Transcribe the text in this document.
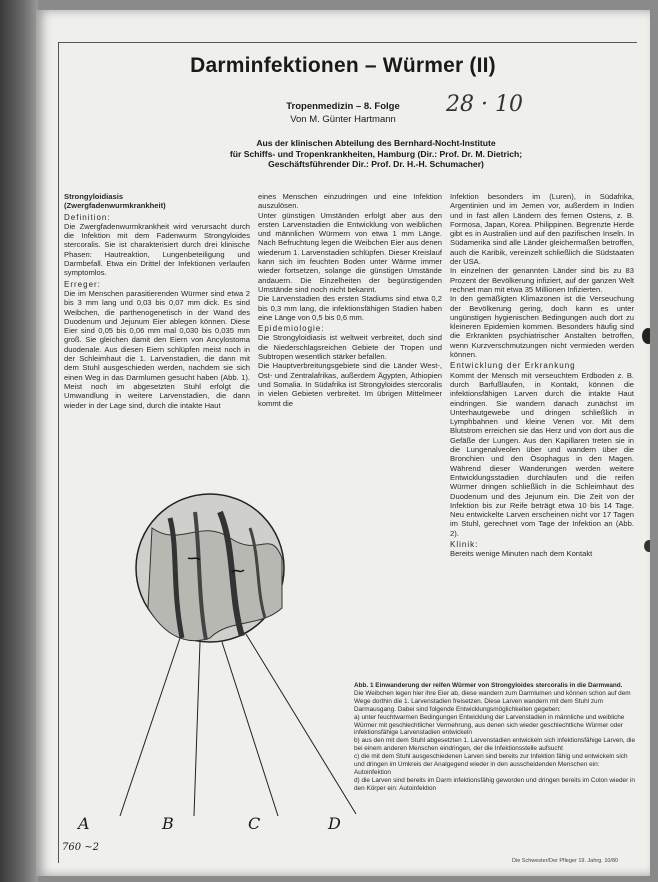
Darminfektionen – Würmer (II)
Tropenmedizin – 8. Folge
Von M. Günter Hartmann
28 · 10
Aus der klinischen Abteilung des Bernhard-Nocht-Institute
für Schiffs- und Tropenkrankheiten, Hamburg (Dir.: Prof. Dr. M. Dietrich;
Geschäftsführender Dir.: Prof. Dr. H.-H. Schumacher)

Strongyloidiasis

(Zwergfadenwurmkrankheit)

Definition:

Die Zwergfadenwurmkrankheit wird verursacht durch die Infektion mit dem Fadenwurm Strongyloides stercoralis. Sie ist charakterisiert durch drei klinische Phasen: Hautreaktion, Lungenbeteiligung und Darmbefall. Etwa ein Drittel der Infektionen verlaufen symptomlos.

Erreger:

Die im Menschen parasitierenden Würmer sind etwa 2 bis 3 mm lang und 0,03 bis 0,07 mm dick. Es sind Weibchen, die parthenogenetisch in der Wand des Duodenum und Jejunum Eier ablegen können. Diese Eier sind 0,05 bis 0,06 mm mal 0,030 bis 0,035 mm groß. Sie gleichen damit den Eiern von Ancylostoma duodenale. Aus diesen Eiern schlüpfen meist noch in der Schleimhaut die 1. Larvenstadien, die dann mit dem Stuhl ausgeschieden werden, nachdem sie sich einen Weg in das Darmlumen gesucht haben (Abb. 1). Meist noch im abgesetzten Stuhl erfolgt die Umwandlung in weitere Larvenstadien, die dann wieder in der Lage sind, durch die intakte Haut

eines Menschen einzudringen und eine Infektion auszulösen.

Unter günstigen Umständen erfolgt aber aus den ersten Larvenstadien die Entwicklung von weiblichen und männlichen Würmern von etwa 1 mm Länge. Nach Befruchtung legen die Weibchen Eier aus denen wiederum 1. Larvenstadien schlüpfen. Dieser Kreislauf kann sich im feuchten Boden unter Wärme immer wieder fortsetzen, solange die günstigen Umstände andauern. Die Einzelheiten der begünstigenden Umstände sind noch nicht bekannt.

Die Larvenstadien des ersten Stadiums sind etwa 0,2 bis 0,3 mm lang, die infektionsfähigen Stadien haben eine Länge von 0,5 bis 0,6 mm.

Epidemiologie:

Die Strongyloidiasis ist weltweit verbreitet, doch sind die Niederschlagsreichen Gebiete der Tropen und Subtropen wesentlich stärker befallen.

Die Hauptverbreitungsgebiete sind die Länder West-, Ost- und Zentralafrikas, außerdem Ägypten, Äthiopien und Somalia. In Südafrika ist Strongyloides stercoralis in vielen Gebieten verbreitet. Im übrigen Mittelmeer kommt die

Infektion besonders im (Luren), in Südafrika, Argentinien und im Jemen vor, außerdem in Indien und in fast allen Ländern des fernen Ostens, z. B. Formosa, Japan, Korea. Philippinen. Begrenzte Herde gibt es in Australien und auf den pazifischen Inseln. In Südamerika sind alle Länder gleichermaßen betroffen, auch die Karibik, vereinzelt schließlich die Südstaaten der USA.

In einzelnen der genannten Länder sind bis zu 83 Prozent der Bevölkerung infiziert, auf der ganzen Welt rechnet man mit etwa 35 Millionen Infizierten.

In den gemäßigten Klimazonen ist die Verseuchung der Bevölkerung gering, doch kann es unter ungünstigen hygienischen Bedingungen auch dort zu kleineren Epidemien kommen. Besonders häufig sind die Erkrankten psychiatrischer Anstalten betroffen, wenn Kurzverschmutzungen nicht vermieden werden können.

Entwicklung der Erkrankung

Kommt der Mensch mit verseuchtem Erdboden z. B. durch Barfußlaufen, in Kontakt, können die infektionsfähigen Larven durch die intakte Haut eindringen. Sie wandern danach zunächst im Unterhautgewebe und dringen schließlich in Lymphbahnen und kleine Venen vor. Mit dem Blutstrom erreichen sie das Herz und von dort aus die Gefäße der Lungen. Aus den Kapillaren treten sie in die Lungenalveolen über und wandern über die Bronchien und den Ösophagus in den Magen. Während dieser Wanderungen werden weitere Entwicklungsstadien durchlaufen und die reifen Würmer dringen schließlich in die Schleimhaut des Duodenum und des Jejunum ein. Die Zeit von der Infektion bis zur Reife beträgt etwa 10 bis 14 Tage. Neu entwickelte Larven erscheinen nicht vor 17 Tagen im Stuhl, gerechnet vom Tage der Infektion an (Abb. 2).

Klinik:

Bereits wenige Minuten nach dem Kontakt

A	B	C	D

Abb. 1 Einwanderung der reifen Würmer von Strongyloides stercoralis in die Darmwand.

Die Weibchen legen hier ihre Eier ab, diese wandern zum Darmlumen und können schon auf dem Wege dorthin die 1. Larvenstadien freisetzen. Diese Larven wandern mit dem Stuhl zum Darmausgang. Dabei sind folgende Entwicklungsmöglichkeiten gegeben:

a) unter feuchtwarmen Bedingungen Entwicklung der Larvenstadien in männliche und weibliche Würmer mit geschlechtlicher Vermehrung, aus denen sich wieder geschlechtliche Würmer oder infektionsfähige Larvenstadien entwickeln

b) aus den mit dem Stuhl abgesetzten 1. Larvenstadien entwickeln sich infektionsfähige Larven, die bei einem anderen Menschen eindringen, der die Infektionsstelle aufsucht

c) die mit dem Stuhl ausgeschiedenen Larven sind bereits zur Infektion fähig und entwickeln sich und dringen im Umkreis der Analgegend wieder in den ausscheidenden Menschen ein: Autoinfektion

d) die Larven sind bereits im Darm infektionsfähig geworden und dringen bereits im Colon wieder in den Körper ein: Autoinfektion

760 ~2
Die Schwester/Der Pfleger 19. Jahrg. 10/80
